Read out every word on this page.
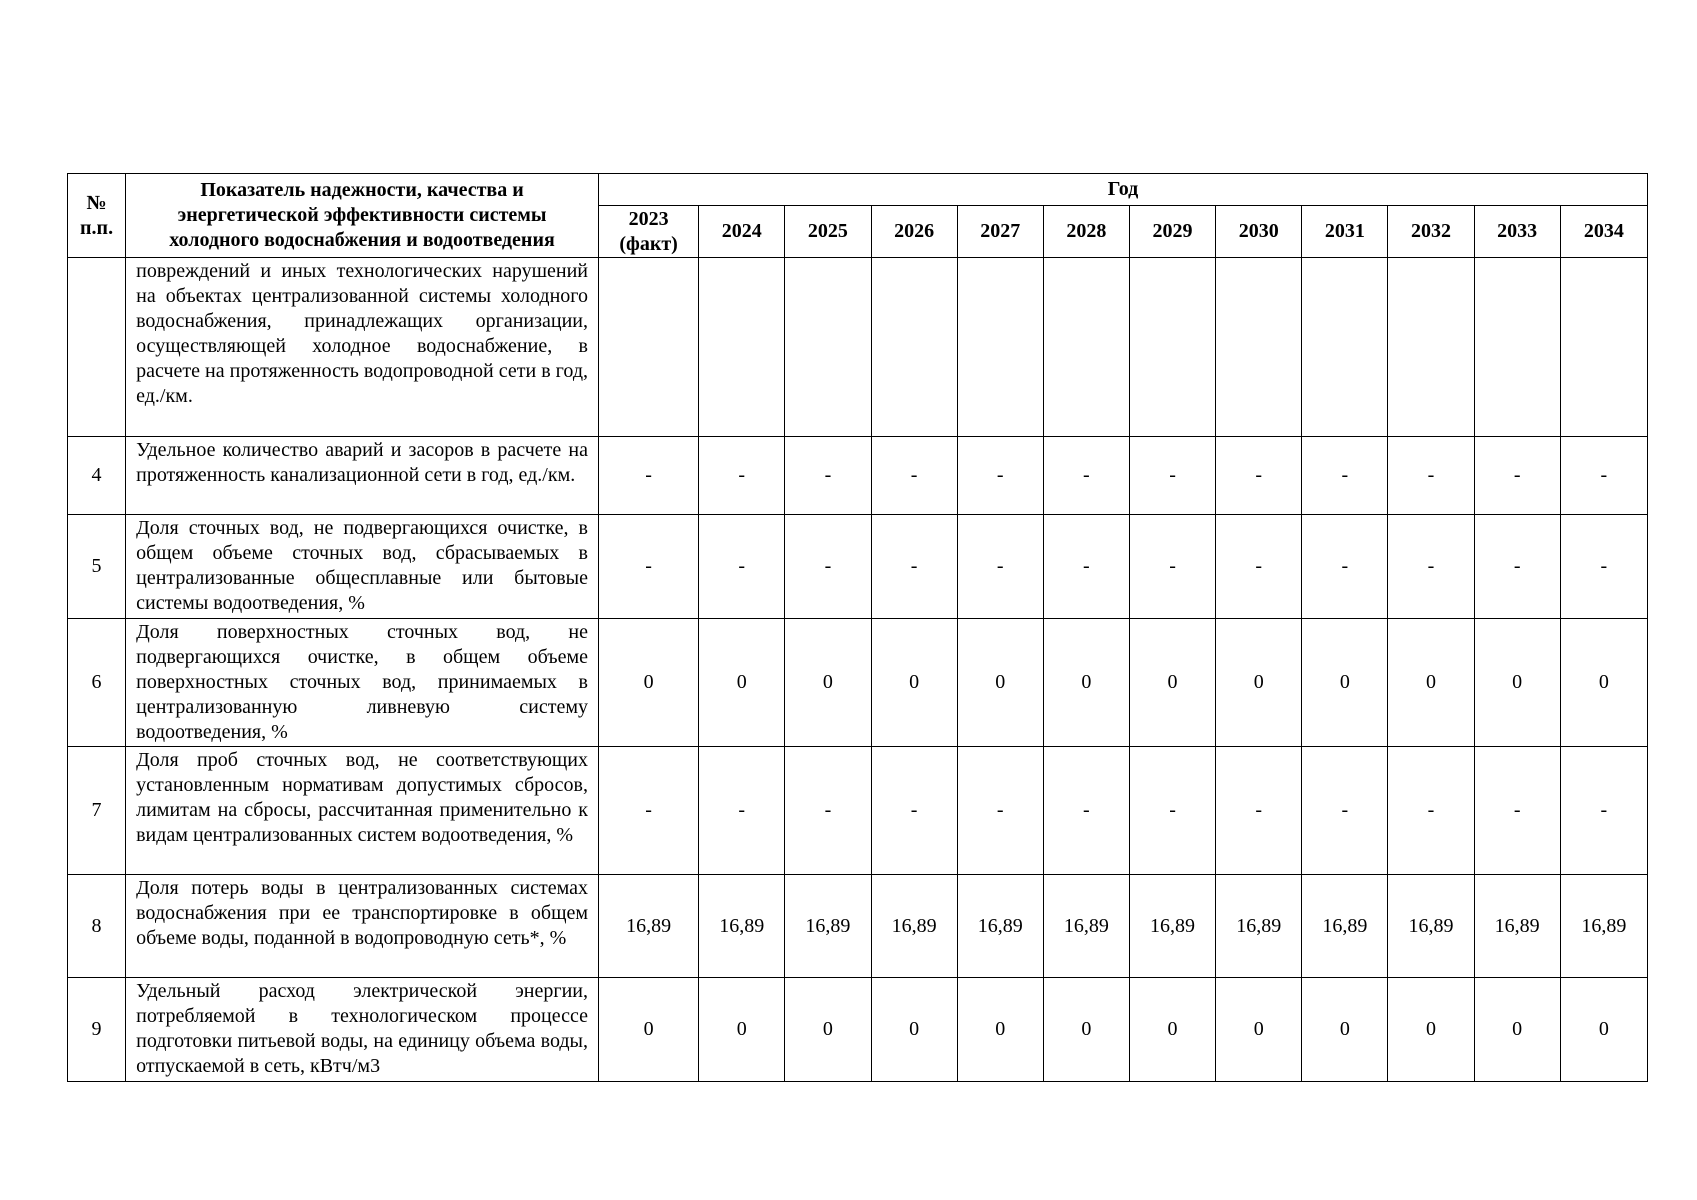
№ п.п.	Показатель надежности, качества и энергетической эффективности системы холодного водоснабжения и водоотведения	Год											
		2023 (факт)	2024	2025	2026	2027	2028	2029	2030	2031	2032	2033	2034
	повреждений и иных технологических нарушений на объектах централизованной системы холодного водоснабжения, принадлежащих организации, осуществляющей холодное водоснабжение, в расчете на протяженность водопроводной сети в год, ед./км.												
4	Удельное количество аварий и засоров в расчете на протяженность канализационной сети в год, ед./км.	-	-	-	-	-	-	-	-	-	-	-	-
5	Доля сточных вод, не подвергающихся очистке, в общем объеме сточных вод, сбрасываемых в централизованные общесплавные или бытовые системы водоотведения, %	-	-	-	-	-	-	-	-	-	-	-	-
6	Доля поверхностных сточных вод, не подвергающихся очистке, в общем объеме поверхностных сточных вод, принимаемых в централизованную ливневую систему водоотведения, %	0	0	0	0	0	0	0	0	0	0	0	0
7	Доля проб сточных вод, не соответствующих установленным нормативам допустимых сбросов, лимитам на сбросы, рассчитанная применительно к видам централизованных систем водоотведения, %	-	-	-	-	-	-	-	-	-	-	-	-
8	Доля потерь воды в централизованных системах водоснабжения при ее транспортировке в общем объеме воды, поданной в водопроводную сеть*, %	16,89	16,89	16,89	16,89	16,89	16,89	16,89	16,89	16,89	16,89	16,89	16,89
9	Удельный расход электрической энергии, потребляемой в технологическом процессе подготовки питьевой воды, на единицу объема воды, отпускаемой в сеть, кВтч/м3	0	0	0	0	0	0	0	0	0	0	0	0
